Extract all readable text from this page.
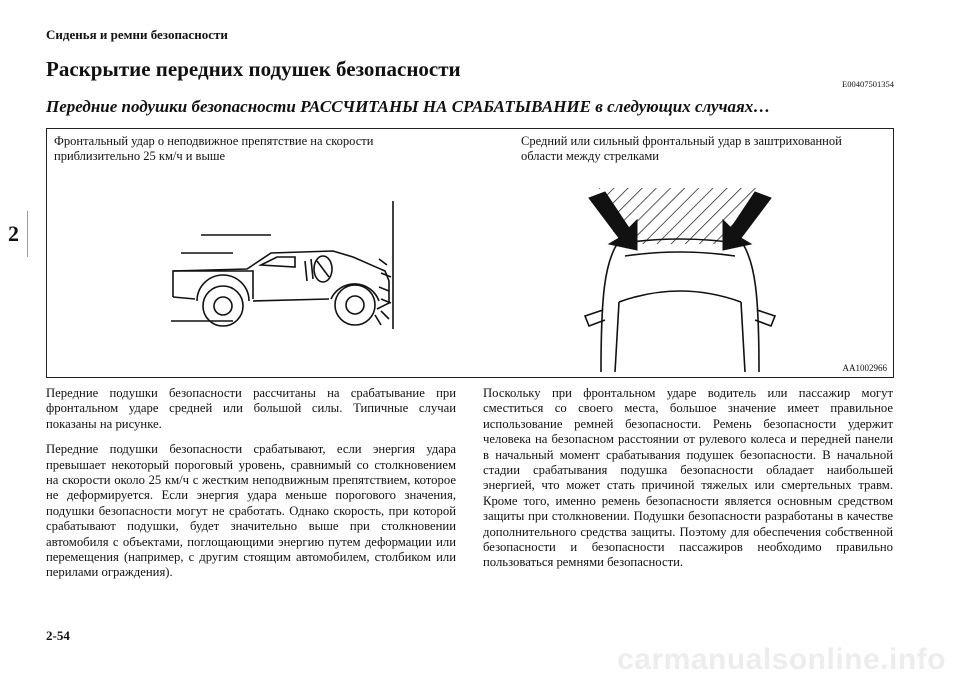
Сиденья и ремни безопасности
2
Раскрытие передних подушек безопасности
E00407501354
Передние подушки безопасности РАССЧИТАНЫ НА СРАБАТЫВАНИЕ в следующих случаях…
Фронтальный удар о неподвижное препятствие на скорости приблизительно 25 км/ч и выше
Средний или сильный фронтальный удар в заштрихованной области между стрелками
AA1002966

Передние подушки безопасности рассчитаны на срабатывание при фронтальном ударе средней или большой силы. Типичные случаи показаны на рисунке.

Передние подушки безопасности срабатывают, если энергия удара превышает некоторый пороговый уровень, сравнимый со столкновением на скорости около 25 км/ч с жестким неподвижным препятствием, которое не деформируется. Если энергия удара меньше порогового значения, подушки безопасности могут не сработать. Однако скорость, при которой срабатывают подушки, будет значительно выше при столкновении автомобиля с объектами, поглощающими энергию путем деформации или перемещения (например, с другим стоящим автомобилем, столбиком или перилами ограждения).

Поскольку при фронтальном ударе водитель или пассажир могут сместиться со своего места, большое значение имеет правильное использование ремней безопасности. Ремень безопасности удержит человека на безопасном расстоянии от рулевого колеса и передней панели в начальный момент срабатывания подушек безопасности. В начальной стадии срабатывания подушка безопасности обладает наибольшей энергией, что может стать причиной тяжелых или смертельных травм. Кроме того, именно ремень безопасности является основным средством защиты при столкновении. Подушки безопасности разработаны в качестве дополнительного средства защиты. Поэтому для обеспечения собственной безопасности и безопасности пассажиров необходимо правильно пользоваться ремнями безопасности.

2-54
carmanualsonline.info
